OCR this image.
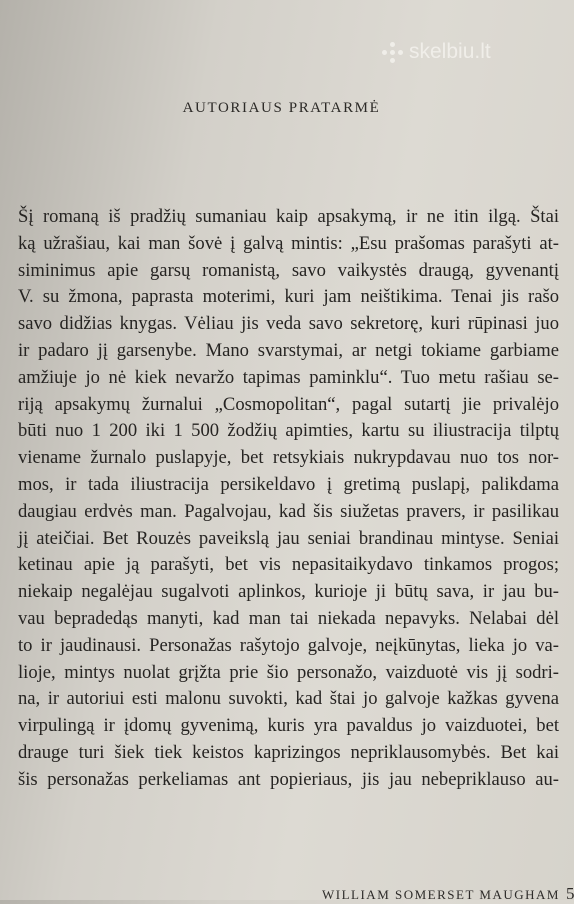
skelbiu.lt
AUTORIAUS PRATARMĖ
Šį romaną iš pradžių sumaniau kaip apsakymą, ir ne itin ilgą. Štai
ką užrašiau, kai man šovė į galvą mintis: „Esu prašomas parašyti at-
siminimus apie garsų romanistą, savo vaikystės draugą, gyvenantį
V. su žmona, paprasta moterimi, kuri jam neištikima. Tenai jis rašo
savo didžias knygas. Vėliau jis veda savo sekretorę, kuri rūpinasi juo
ir padaro jį garsenybe. Mano svarstymai, ar netgi tokiame garbiame
amžiuje jo nė kiek nevaržo tapimas paminklu“. Tuo metu rašiau se-
riją apsakymų žurnalui „Cosmopolitan“, pagal sutartį jie privalėjo
būti nuo 1 200 iki 1 500 žodžių apimties, kartu su iliustracija tilptų
viename žurnalo puslapyje, bet retsykiais nukrypdavau nuo tos nor-
mos, ir tada iliustracija persikeldavo į gretimą puslapį, palikdama
daugiau erdvės man. Pagalvojau, kad šis siužetas pravers, ir pasilikau
jį ateičiai. Bet Rouzės paveikslą jau seniai brandinau mintyse. Seniai
ketinau apie ją parašyti, bet vis nepasitaikydavo tinkamos progos;
niekaip negalėjau sugalvoti aplinkos, kurioje ji būtų sava, ir jau bu-
vau bepradedąs manyti, kad man tai niekada nepavyks. Nelabai dėl
to ir jaudinausi. Personažas rašytojo galvoje, neįkūnytas, lieka jo va-
lioje, mintys nuolat grįžta prie šio personažo, vaizduotė vis jį sodri-
na, ir autoriui esti malonu suvokti, kad štai jo galvoje kažkas gyvena
virpulingą ir įdomų gyvenimą, kuris yra pavaldus jo vaizduotei, bet
drauge turi šiek tiek keistos kaprizingos nepriklausomybės. Bet kai
šis personažas perkeliamas ant popieriaus, jis jau nebepriklauso au-
WILLIAM SOMERSET MAUGHAM 5
